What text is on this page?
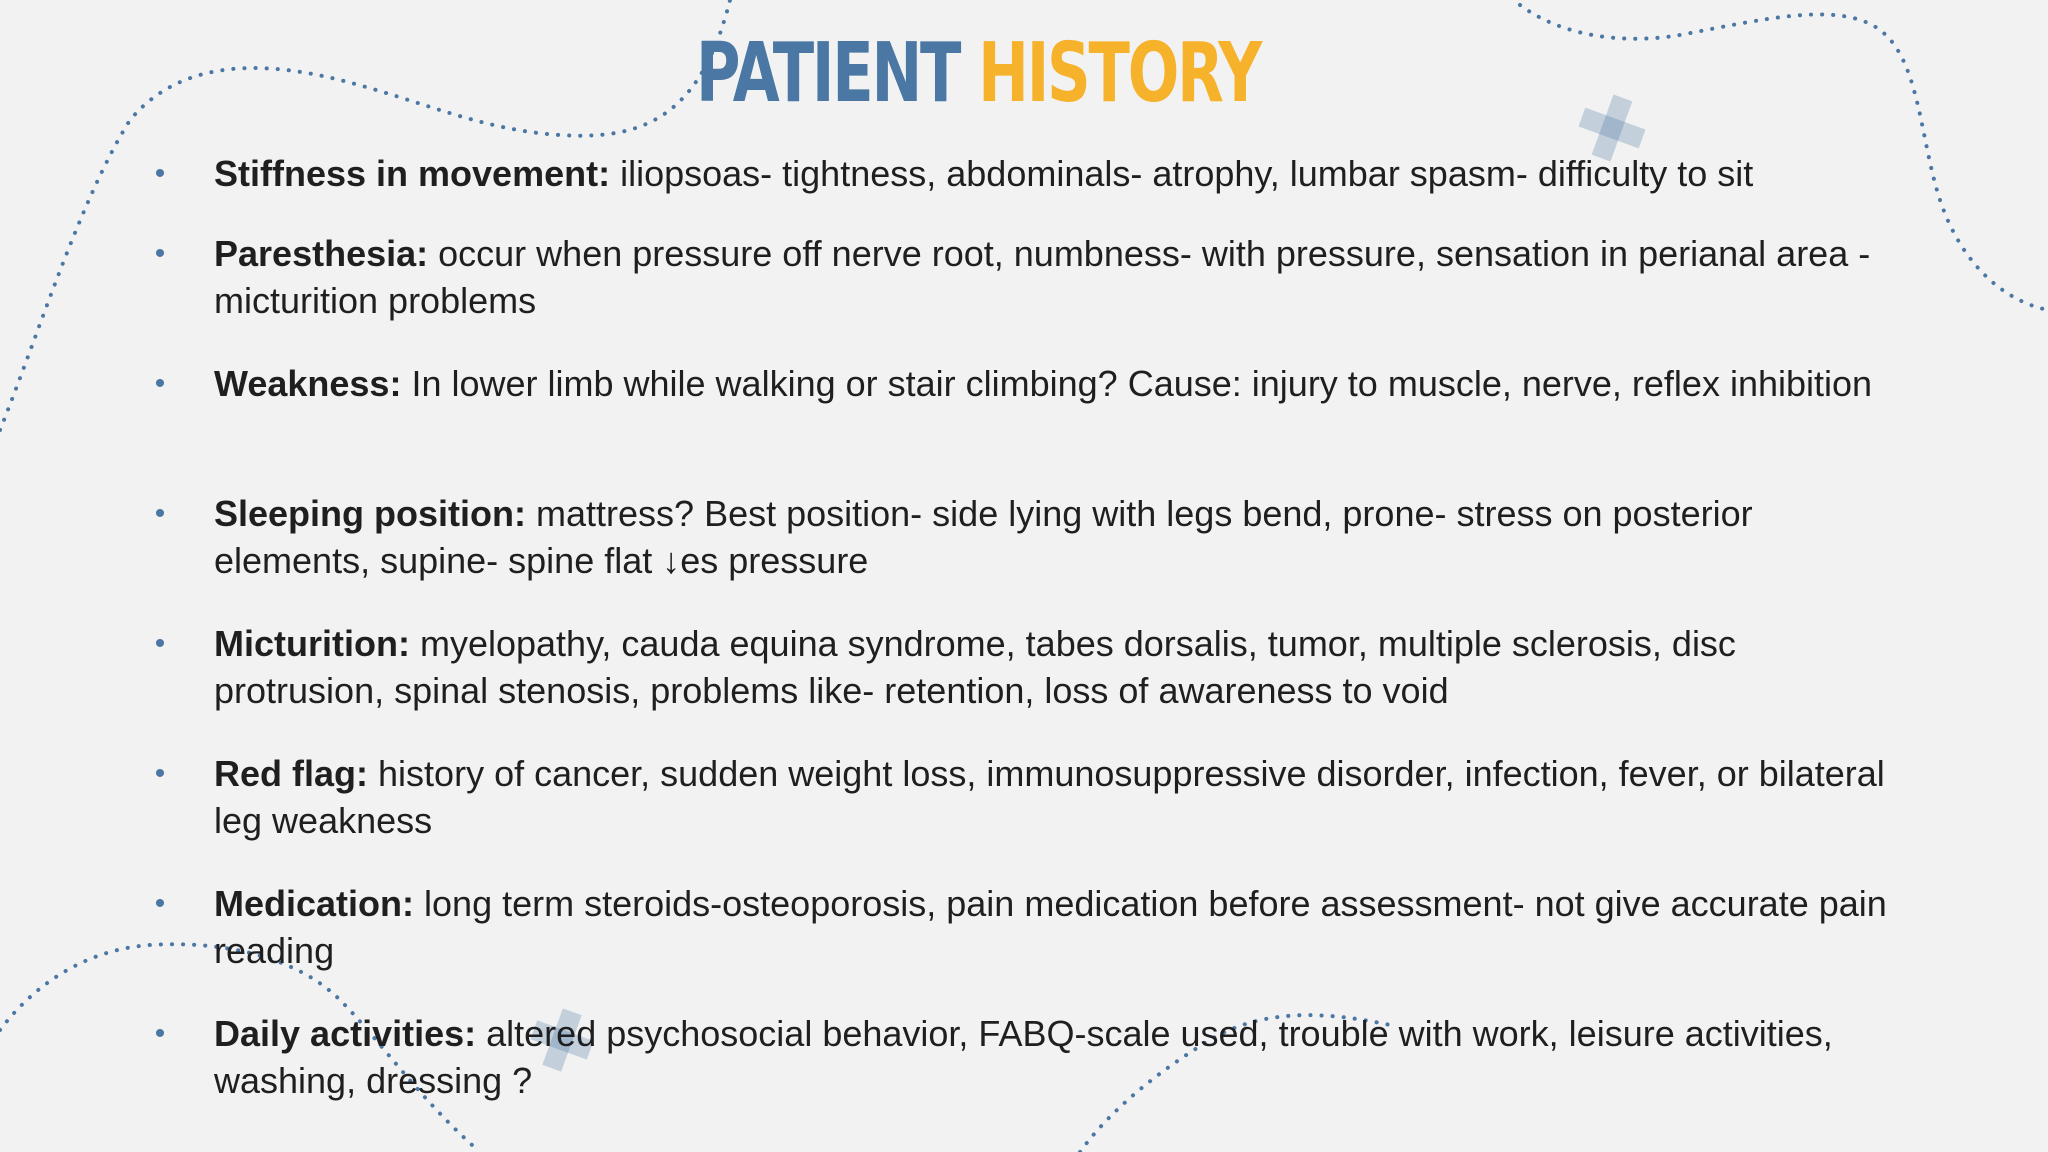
PATIENT HISTORY
• Stiffness in movement: iliopsoas- tightness, abdominals- atrophy, lumbar spasm- difficulty to sit
• Paresthesia: occur when pressure off nerve root, numbness- with pressure, sensation in perianal area - micturition problems
• Weakness: In lower limb while walking or stair climbing? Cause: injury to muscle, nerve, reflex inhibition
• Sleeping position: mattress? Best position- side lying with legs bend, prone- stress on posterior elements, supine- spine flat ↓es pressure
• Micturition: myelopathy, cauda equina syndrome, tabes dorsalis, tumor, multiple sclerosis, disc protrusion, spinal stenosis, problems like- retention, loss of awareness to void
• Red flag: history of cancer, sudden weight loss, immunosuppressive disorder, infection, fever, or bilateral leg weakness
• Medication: long term steroids-osteoporosis, pain medication before assessment- not give accurate pain reading
• Daily activities: altered psychosocial behavior, FABQ-scale used, trouble with work, leisure activities, washing, dressing ?
